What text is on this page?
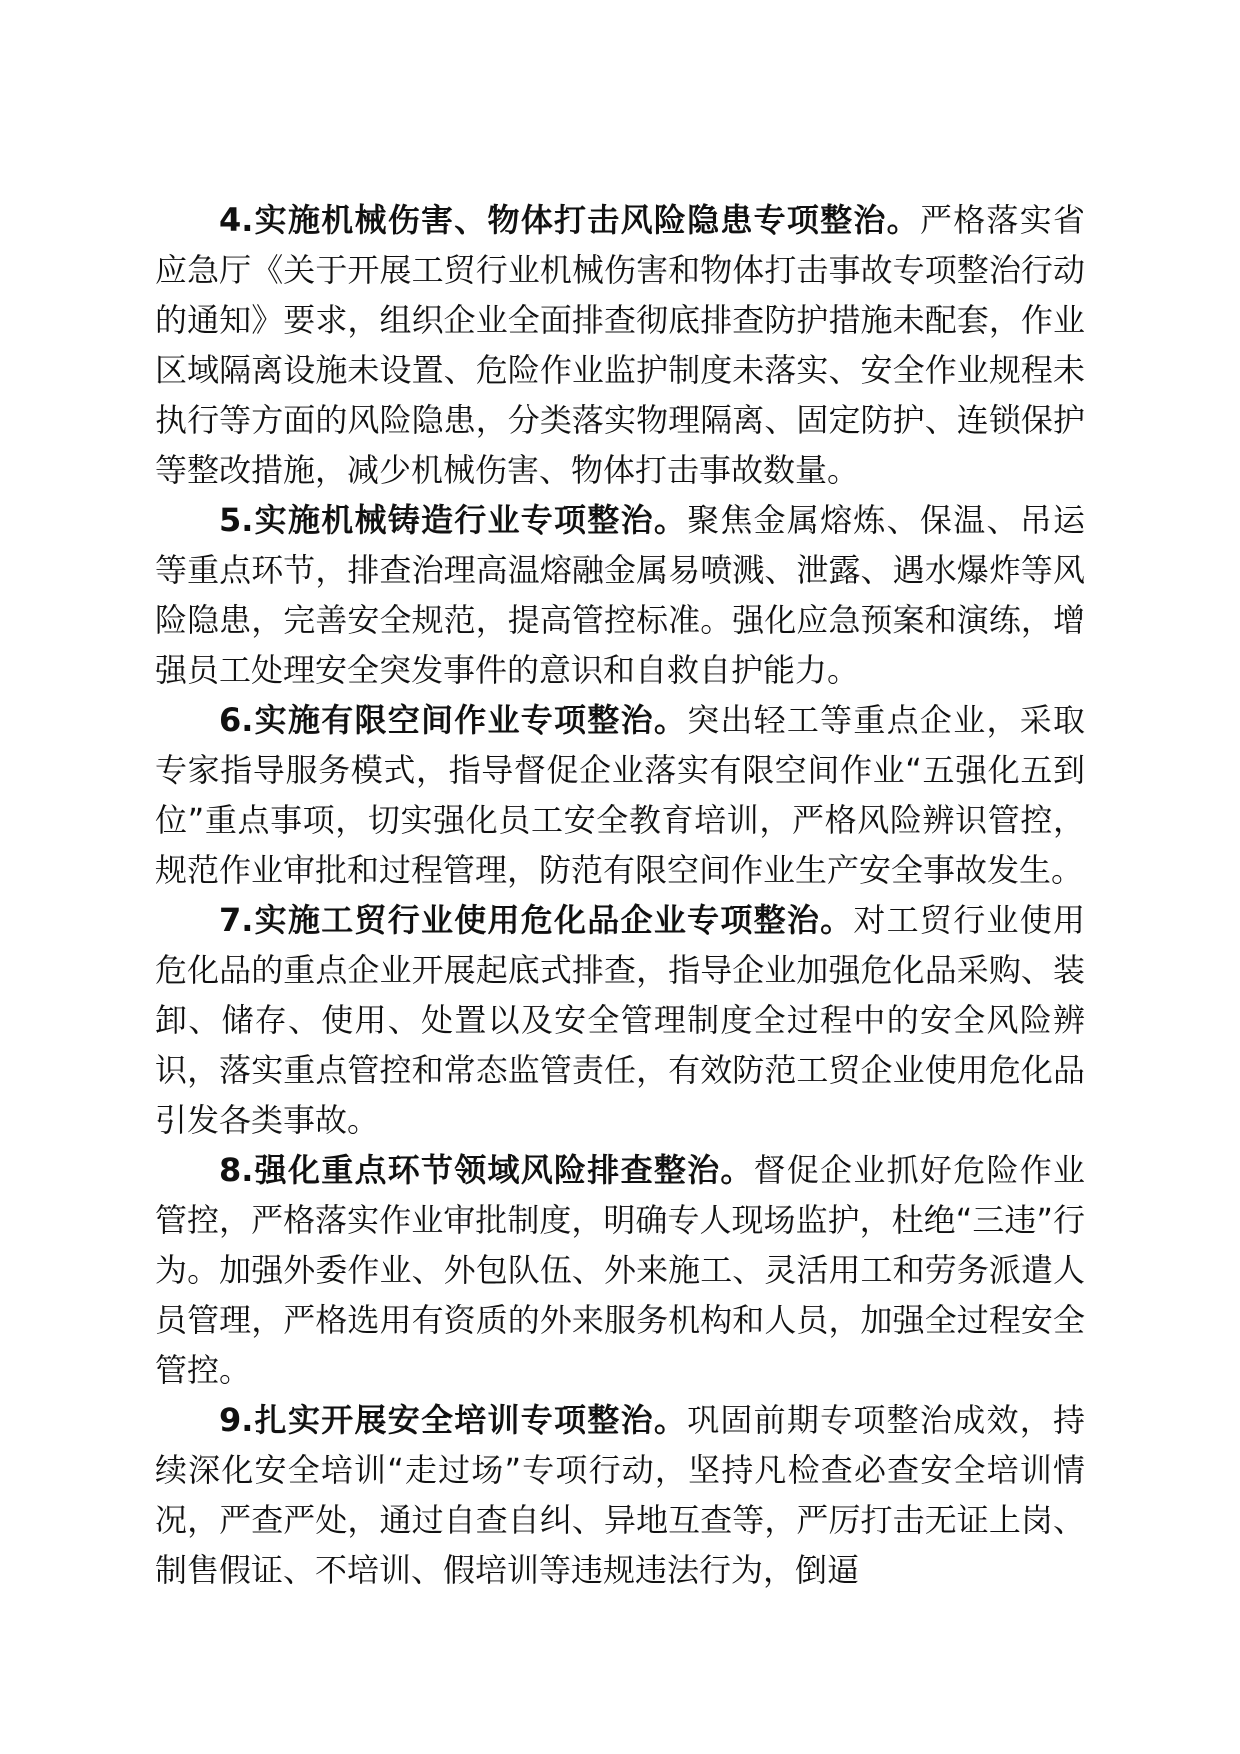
4.实施机械伤害、物体打击风险隐患专项整治。严格落实省应急厅《关于开展工贸行业机械伤害和物体打击事故专项整治行动的通知》要求，组织企业全面排查彻底排查防护措施未配套，作业区域隔离设施未设置、危险作业监护制度未落实、安全作业规程未执行等方面的风险隐患，分类落实物理隔离、固定防护、连锁保护等整改措施，减少机械伤害、物体打击事故数量。

5.实施机械铸造行业专项整治。聚焦金属熔炼、保温、吊运等重点环节，排查治理高温熔融金属易喷溅、泄露、遇水爆炸等风险隐患，完善安全规范，提高管控标准。强化应急预案和演练，增强员工处理安全突发事件的意识和自救自护能力。

6.实施有限空间作业专项整治。突出轻工等重点企业，采取专家指导服务模式，指导督促企业落实有限空间作业“五强化五到位”重点事项，切实强化员工安全教育培训，严格风险辨识管控，规范作业审批和过程管理，防范有限空间作业生产安全事故发生。

7.实施工贸行业使用危化品企业专项整治。对工贸行业使用危化品的重点企业开展起底式排查，指导企业加强危化品采购、装卸、储存、使用、处置以及安全管理制度全过程中的安全风险辨识，落实重点管控和常态监管责任，有效防范工贸企业使用危化品引发各类事故。

8.强化重点环节领域风险排查整治。督促企业抓好危险作业管控，严格落实作业审批制度，明确专人现场监护，杜绝“三违”行为。加强外委作业、外包队伍、外来施工、灵活用工和劳务派遣人员管理，严格选用有资质的外来服务机构和人员，加强全过程安全管控。

9.扎实开展安全培训专项整治。巩固前期专项整治成效，持续深化安全培训“走过场”专项行动，坚持凡检查必查安全培训情况，严查严处，通过自查自纠、异地互查等，严厉打击无证上岗、制售假证、不培训、假培训等违规违法行为，倒逼
